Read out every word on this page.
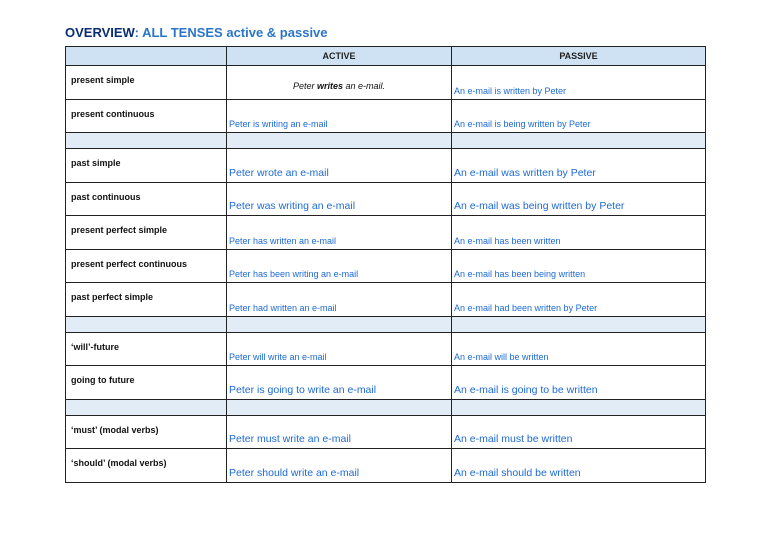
OVERVIEW: ALL TENSES active & passive
	ACTIVE	PASSIVE

present simple	Peter writes an e-mail.	An e-mail is written by Peter

present continuous	Peter is writing an e-mail	An e-mail is being written by Peter

past simple	Peter wrote an e-mail	An e-mail was written by Peter

past continuous	Peter was writing an e-mail	An e-mail was being written by Peter

present perfect simple	Peter has written an e-mail	An e-mail has been written

present perfect continuous	Peter has been writing an e-mail	An e-mail has been being written

past perfect simple	Peter had written an e-mail	An e-mail had been written by Peter

‘will’-future	Peter will write an e-mail	An e-mail will be written

going to future	Peter is going to write an e-mail	An e-mail is going to be written

‘must’ (modal verbs)	Peter must write an e-mail	An e-mail must be written

‘should’ (modal verbs)	Peter should write an e-mail	An e-mail should be written
